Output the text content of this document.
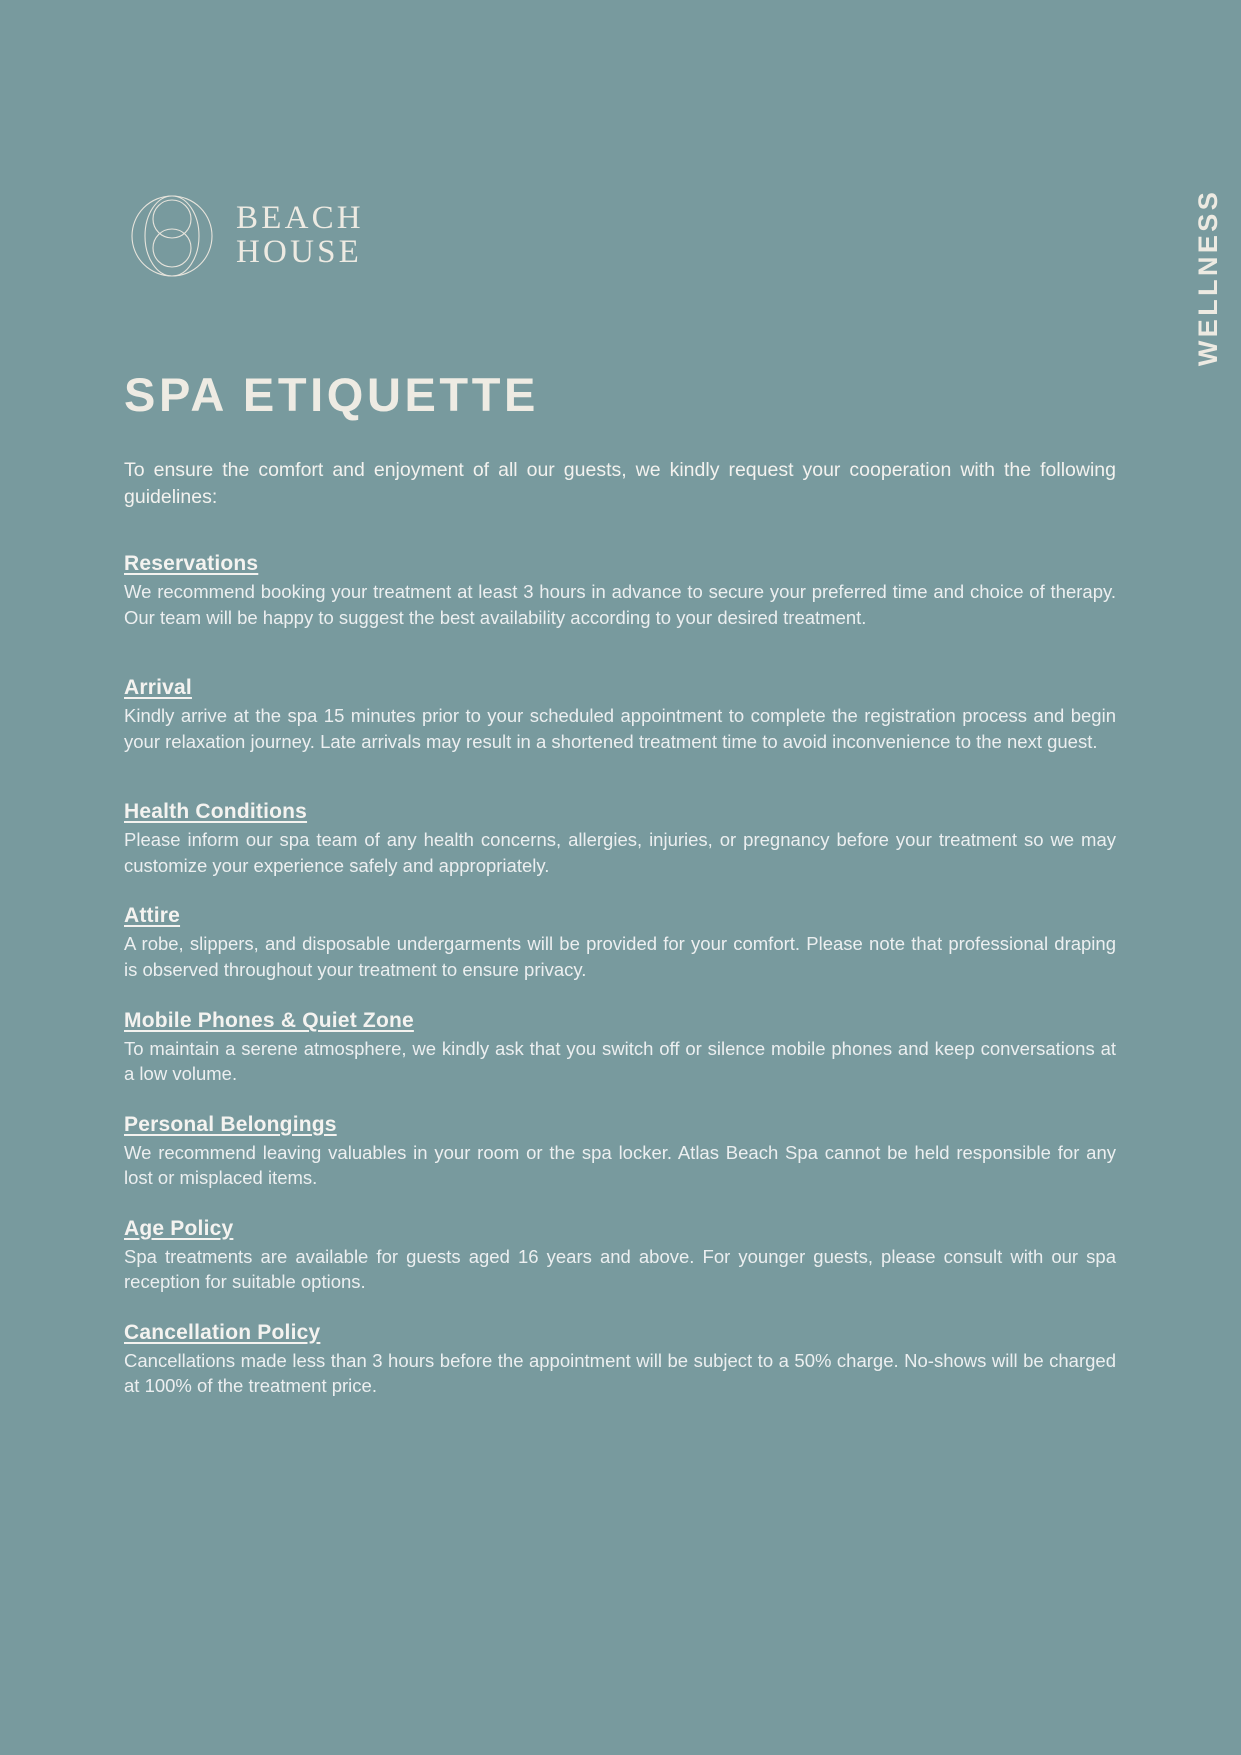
BEACH
HOUSE	WELLNESS
SPA ETIQUETTE

To ensure the comfort and enjoyment of all our guests, we kindly request your cooperation with the following guidelines:

Reservations

We recommend booking your treatment at least 3 hours in advance to secure your preferred time and choice of therapy. Our team will be happy to suggest the best availability according to your desired treatment.

Arrival

Kindly arrive at the spa 15 minutes prior to your scheduled appointment to complete the registration process and begin your relaxation journey. Late arrivals may result in a shortened treatment time to avoid inconvenience to the next guest.

Health Conditions

Please inform our spa team of any health concerns, allergies, injuries, or pregnancy before your treatment so we may customize your experience safely and appropriately.

Attire

A robe, slippers, and disposable undergarments will be provided for your comfort. Please note that professional draping is observed throughout your treatment to ensure privacy.

Mobile Phones & Quiet Zone

To maintain a serene atmosphere, we kindly ask that you switch off or silence mobile phones and keep conversations at a low volume.

Personal Belongings

We recommend leaving valuables in your room or the spa locker. Atlas Beach Spa cannot be held responsible for any lost or misplaced items.

Age Policy

Spa treatments are available for guests aged 16 years and above. For younger guests, please consult with our spa reception for suitable options.

Cancellation Policy

Cancellations made less than 3 hours before the appointment will be subject to a 50% charge. No-shows will be charged at 100% of the treatment price.
